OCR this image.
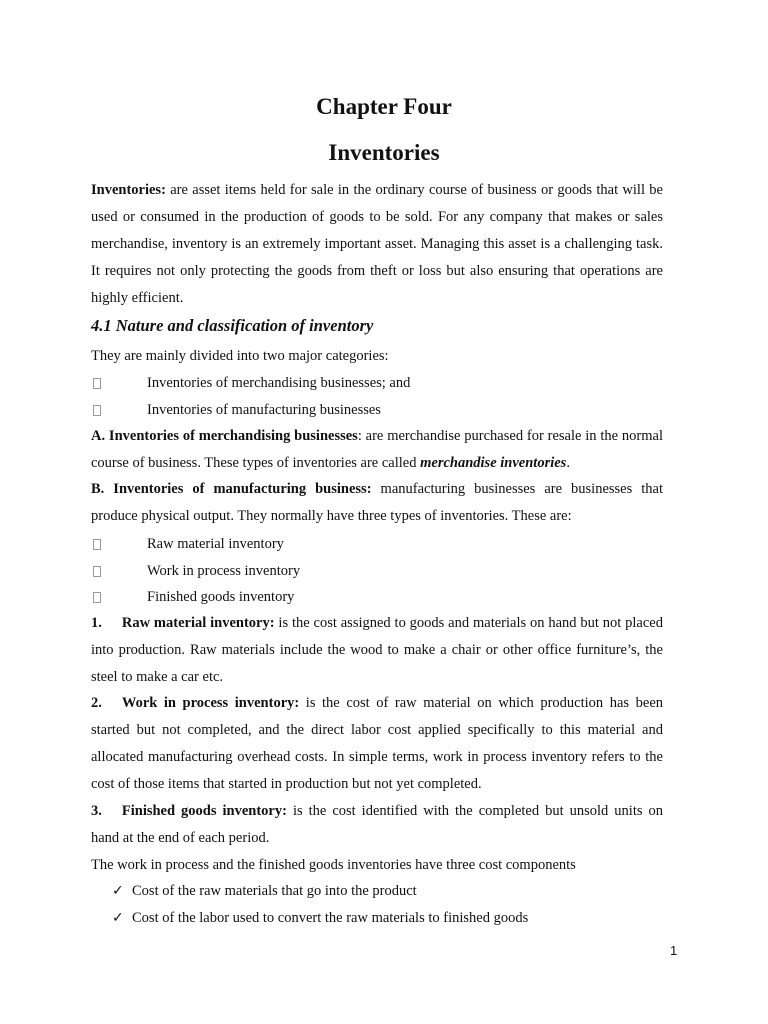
Chapter Four
Inventories

Inventories: are asset items held for sale in the ordinary course of business or goods that will be used or consumed in the production of goods to be sold. For any company that makes or sales merchandise, inventory is an extremely important asset. Managing this asset is a challenging task. It requires not only protecting the goods from theft or loss but also ensuring that operations are highly efficient.

4.1 Nature and classification of inventory

They are mainly divided into two major categories:

Inventories of merchandising businesses; and
Inventories of manufacturing businesses

A. Inventories of merchandising businesses: are merchandise purchased for resale in the normal course of business. These types of inventories are called merchandise inventories.

B. Inventories of manufacturing business: manufacturing businesses are businesses that produce physical output. They normally have three types of inventories. These are:

Raw material inventory
Work in process inventory
Finished goods inventory

1. Raw material inventory: is the cost assigned to goods and materials on hand but not placed into production. Raw materials include the wood to make a chair or other office furniture’s, the steel to make a car etc.

2. Work in process inventory: is the cost of raw material on which production has been started but not completed, and the direct labor cost applied specifically to this material and allocated manufacturing overhead costs. In simple terms, work in process inventory refers to the cost of those items that started in production but not yet completed.

3. Finished goods inventory: is the cost identified with the completed but unsold units on hand at the end of each period.

The work in process and the finished goods inventories have three cost components

✓ Cost of the raw materials that go into the product
✓ Cost of the labor used to convert the raw materials to finished goods
1
